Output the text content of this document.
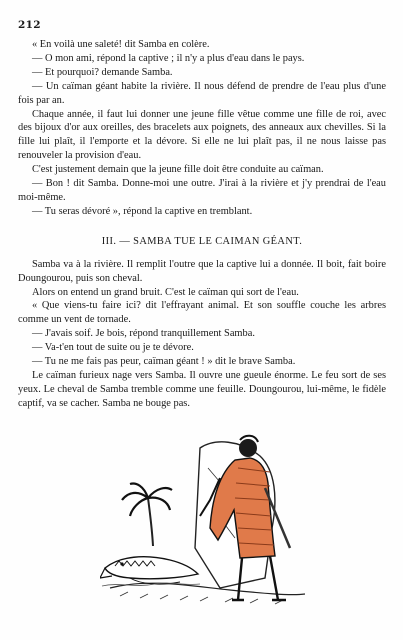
212

« En voilà une saleté! dit Samba en colère.

— O mon ami, répond la captive ; il n'y a plus d'eau dans le pays.

— Et pourquoi? demande Samba.

— Un caïman géant habite la rivière. Il nous défend de prendre de l'eau plus d'une fois par an.

Chaque année, il faut lui donner une jeune fille vêtue comme une fille de roi, avec des bijoux d'or aux oreilles, des bracelets aux poignets, des anneaux aux chevilles. Si la fille lui plaît, il l'emporte et la dévore. Si elle ne lui plaît pas, il ne nous laisse pas renouveler la provision d'eau.

C'est justement demain que la jeune fille doit être conduite au caïman.

— Bon ! dit Samba. Donne-moi une outre. J'irai à la rivière et j'y prendrai de l'eau moi-même.

— Tu seras dévoré », répond la captive en tremblant.

III. — SAMBA TUE LE CAIMAN GÉANT.

Samba va à la rivière. Il remplit l'outre que la captive lui a donnée. Il boit, fait boire Doungourou, puis son cheval.

Alors on entend un grand bruit. C'est le caïman qui sort de l'eau.

« Que viens-tu faire ici? dit l'effrayant animal. Et son souffle couche les arbres comme un vent de tornade.

— J'avais soif. Je bois, répond tranquillement Samba.

— Va-t'en tout de suite ou je te dévore.

— Tu ne me fais pas peur, caïman géant ! » dit le brave Samba.

Le caïman furieux nage vers Samba. Il ouvre une gueule énorme. Le feu sort de ses yeux. Le cheval de Samba tremble comme une feuille. Doungourou, lui-même, le fidèle captif, va se cacher. Samba ne bouge pas.
